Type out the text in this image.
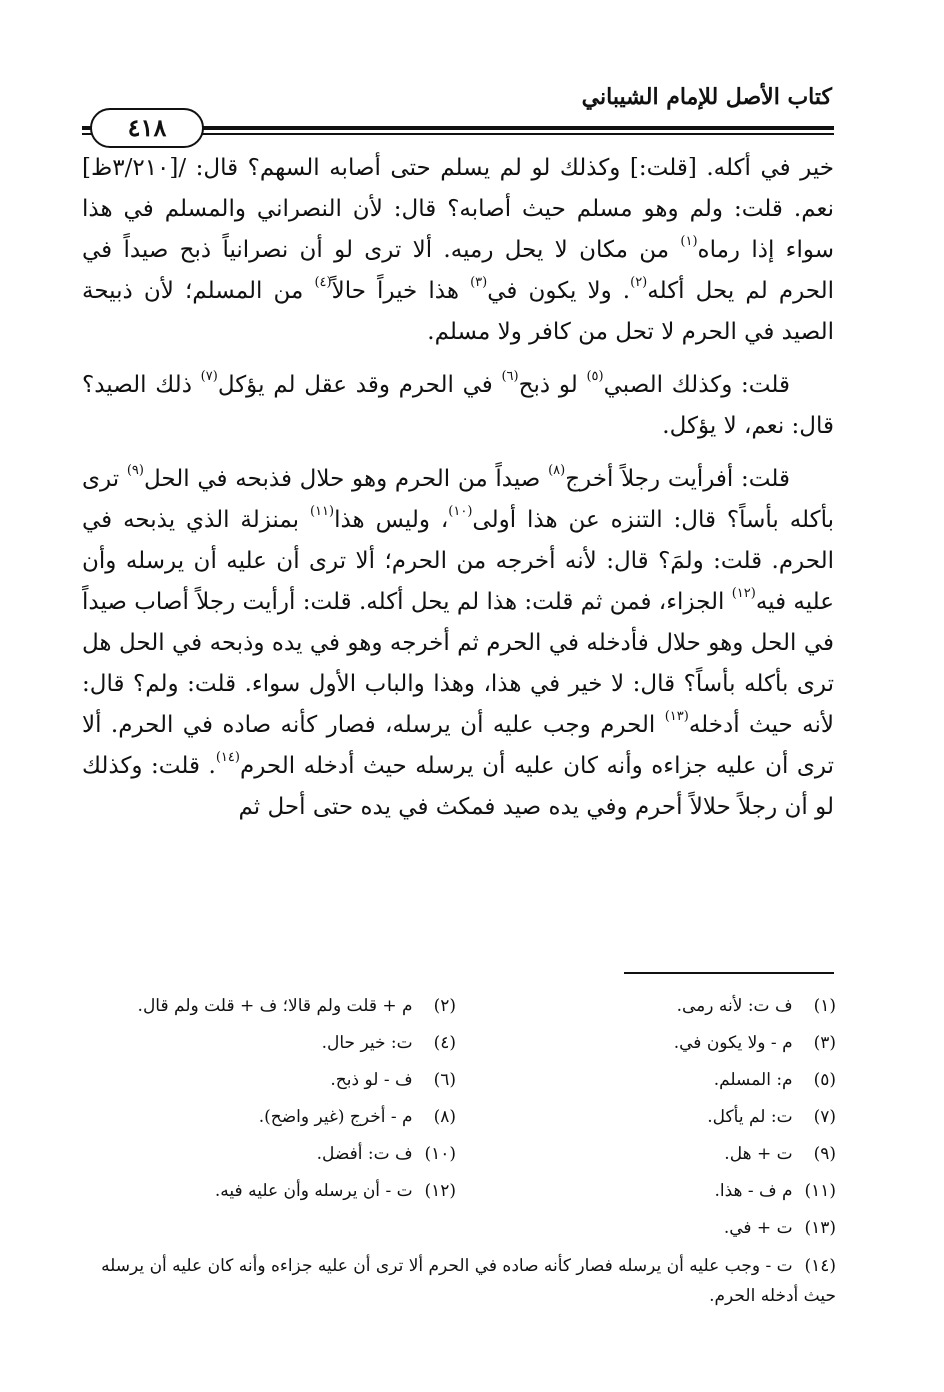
كتاب الأصل للإمام الشيباني
٤١٨

خير في أكله. [قلت:] وكذلك لو لم يسلم حتى أصابه السهم؟ قال: /[٣/٢١٠ظ] نعم. قلت: ولم وهو مسلم حيث أصابه؟ قال: لأن النصراني والمسلم في هذا سواء إذا رماه$^{(١)}$ من مكان لا يحل رميه. ألا ترى لو أن نصرانياً ذبح صيداً في الحرم لم يحل أكله$^{(٢)}$. ولا يكون في$^{(٣)}$ هذا خيراً حالاً$^{(٤)}$ من المسلم؛ لأن ذبيحة الصيد في الحرم لا تحل من كافر ولا مسلم.

قلت: وكذلك الصبي$^{(٥)}$ لو ذبح$^{(٦)}$ في الحرم وقد عقل لم يؤكل$^{(٧)}$ ذلك الصيد؟ قال: نعم، لا يؤكل.

قلت: أفرأيت رجلاً أخرج$^{(٨)}$ صيداً من الحرم وهو حلال فذبحه في الحل$^{(٩)}$ ترى بأكله بأساً؟ قال: التنزه عن هذا أولى$^{(١٠)}$، وليس هذا$^{(١١)}$ بمنزلة الذي يذبحه في الحرم. قلت: ولمَ؟ قال: لأنه أخرجه من الحرم؛ ألا ترى أن عليه أن يرسله وأن عليه فيه$^{(١٢)}$ الجزاء، فمن ثم قلت: هذا لم يحل أكله. قلت: أرأيت رجلاً أصاب صيداً في الحل وهو حلال فأدخله في الحرم ثم أخرجه وهو في يده وذبحه في الحل هل ترى بأكله بأساً؟ قال: لا خير في هذا، وهذا والباب الأول سواء. قلت: ولم؟ قال: لأنه حيث أدخله$^{(١٣)}$ الحرم وجب عليه أن يرسله، فصار كأنه صاده في الحرم. ألا ترى أن عليه جزاءه وأنه كان عليه أن يرسله حيث أدخله الحرم$^{(١٤)}$. قلت: وكذلك لو أن رجلاً حلالاً أحرم وفي يده صيد فمكث في يده حتى أحل ثم

(١) ف ت: لأنه رمى.
(٢) م + قلت ولم قالا؛ ف + قلت ولم قال.
(٣) م - ولا يكون في.
(٤) ت: خير حال.
(٥) م: المسلم.
(٦) ف - لو ذبح.
(٧) ت: لم يأكل.
(٨) م - أخرج (غير واضح).
(٩) ت + هل.
(١٠) ف ت: أفضل.
(١١) م ف - هذا.
(١٢) ت - أن يرسله وأن عليه فيه.
(١٣) ت + في.
(١٤) ت - وجب عليه أن يرسله فصار كأنه صاده في الحرم ألا ترى أن عليه جزاءه وأنه كان عليه أن يرسله حيث أدخله الحرم.
